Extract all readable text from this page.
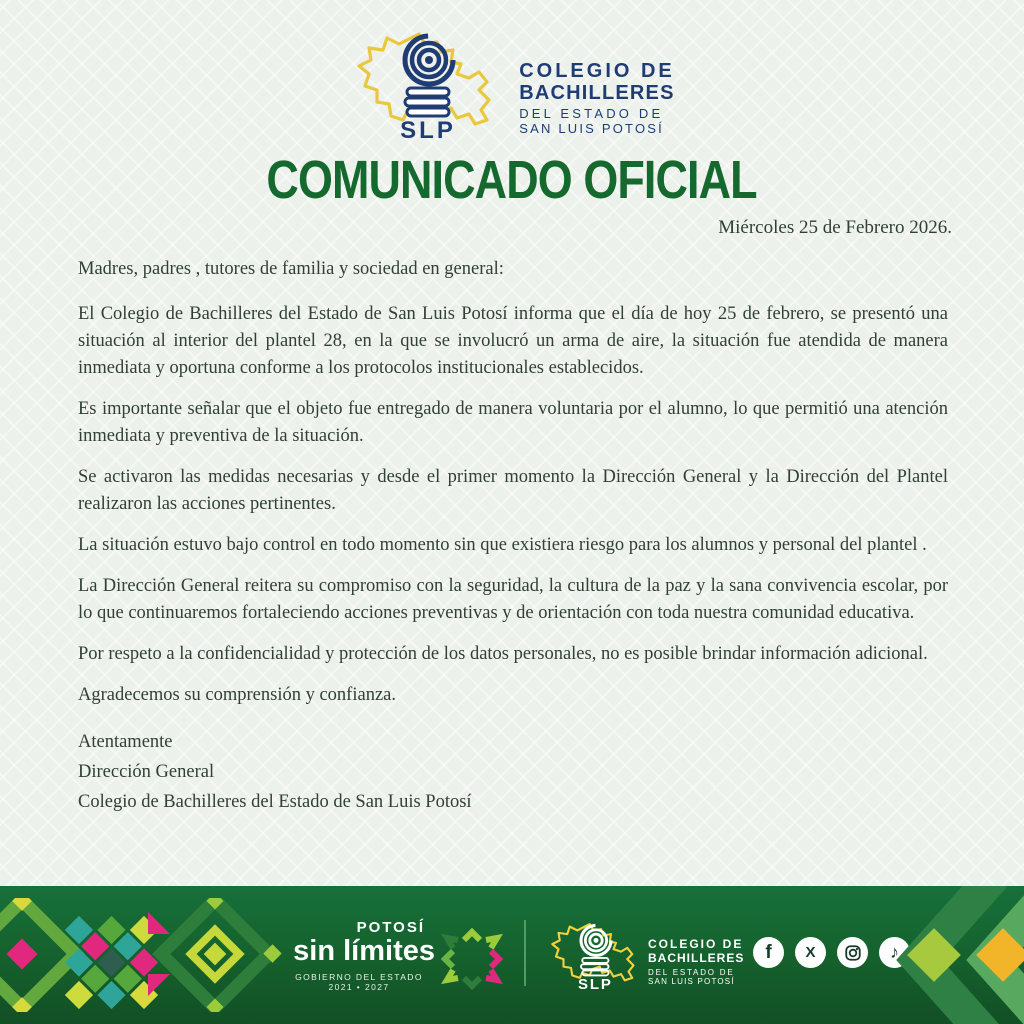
SLP
COLEGIO DE
BACHILLERES
DEL ESTADO DE
SAN LUIS POTOSÍ
COMUNICADO OFICIAL
Miércoles 25 de Febrero 2026.

Madres, padres , tutores de familia y sociedad en general:

El Colegio de Bachilleres del Estado de San Luis Potosí informa que el día de hoy 25 de febrero, se presentó una situación al interior del plantel 28, en la que se involucró un arma de aire, la situación fue atendida de manera inmediata y oportuna conforme a los protocolos institucionales establecidos.

Es importante señalar que el objeto fue entregado de manera voluntaria por el alumno, lo que permitió una atención inmediata y preventiva de la situación.

Se activaron las medidas necesarias y desde el primer momento la Dirección General y la Dirección del Plantel realizaron las acciones pertinentes.

La situación estuvo bajo control en todo momento sin que existiera riesgo para los alumnos y personal del plantel .

La Dirección General reitera su compromiso con la seguridad, la cultura de la paz y la sana convivencia escolar, por lo que continuaremos fortaleciendo acciones preventivas y de orientación con toda nuestra comunidad educativa.

Por respeto a la confidencialidad y protección de los datos personales, no es posible brindar información adicional.

Agradecemos su comprensión y confianza.

Atentamente
Dirección General
Colegio de Bachilleres del Estado de San Luis Potosí
POTOSÍ
sin límites
GOBIERNO DEL ESTADO 2021 • 2027	SLP
COLEGIO DE
BACHILLERES
DEL ESTADO DE
SAN LUIS POTOSÍ
f X	♪
